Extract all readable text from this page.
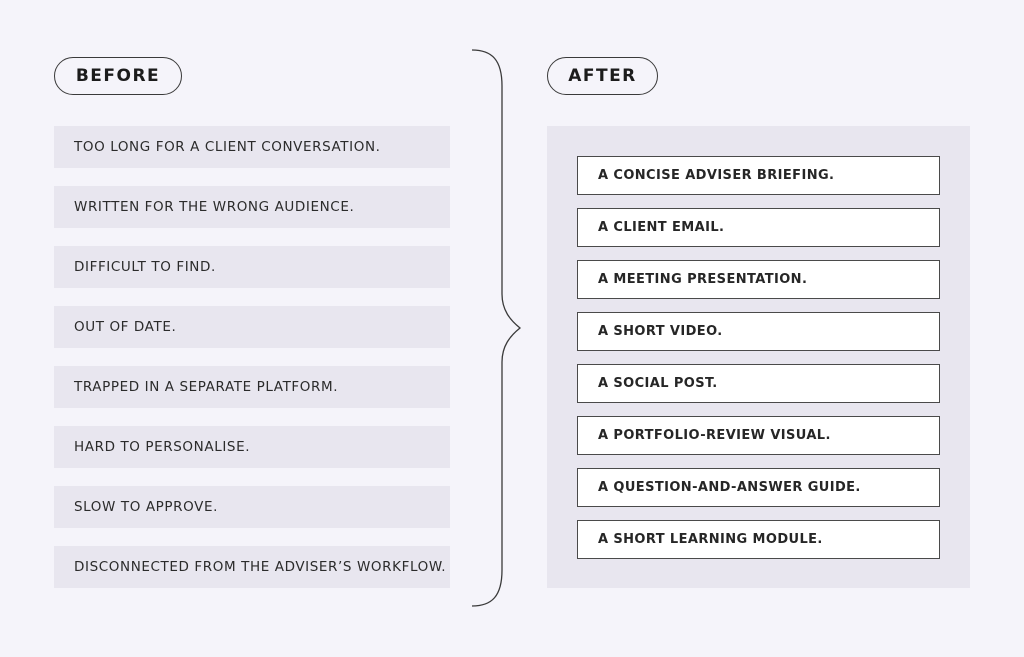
BEFORE	AFTER
TOO LONG FOR A CLIENT CONVERSATION.
WRITTEN FOR THE WRONG AUDIENCE.
DIFFICULT TO FIND.
OUT OF DATE.
TRAPPED IN A SEPARATE PLATFORM.
HARD TO PERSONALISE.
SLOW TO APPROVE.
DISCONNECTED FROM THE ADVISER’S WORKFLOW.
A CONCISE ADVISER BRIEFING.
A CLIENT EMAIL.
A MEETING PRESENTATION.
A SHORT VIDEO.
A SOCIAL POST.
A PORTFOLIO-REVIEW VISUAL.
A QUESTION-AND-ANSWER GUIDE.
A SHORT LEARNING MODULE.
